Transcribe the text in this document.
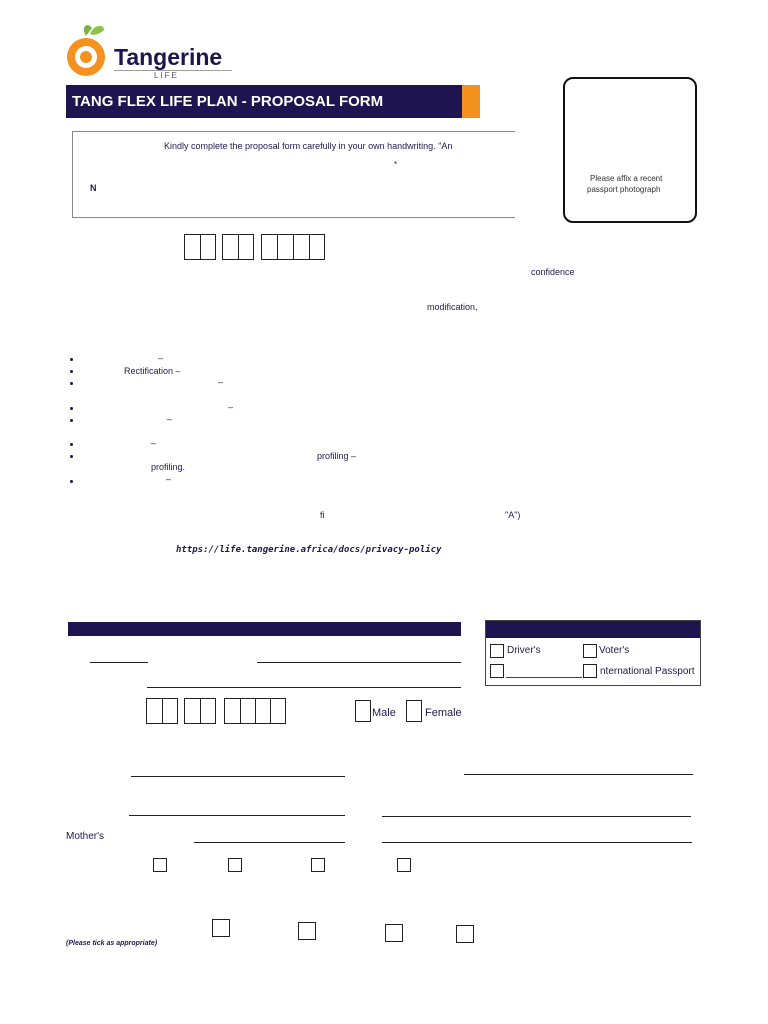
Tangerine
LIFE
TANG FLEX LIFE PLAN - PROPOSAL FORM
Kindly complete the proposal form carefully in your own handwriting. "An
*
N
Please affix a recent
passport photograph
confidence
modification,
–
Rectification –
–
–
–
–
profiling –
profiling.
–
fi	"A")
https://life.tangerine.africa/docs/privacy-policy
Driver's	Voter's
nternational Passport
Male	Female
Mother's
(Please tick as appropriate)
